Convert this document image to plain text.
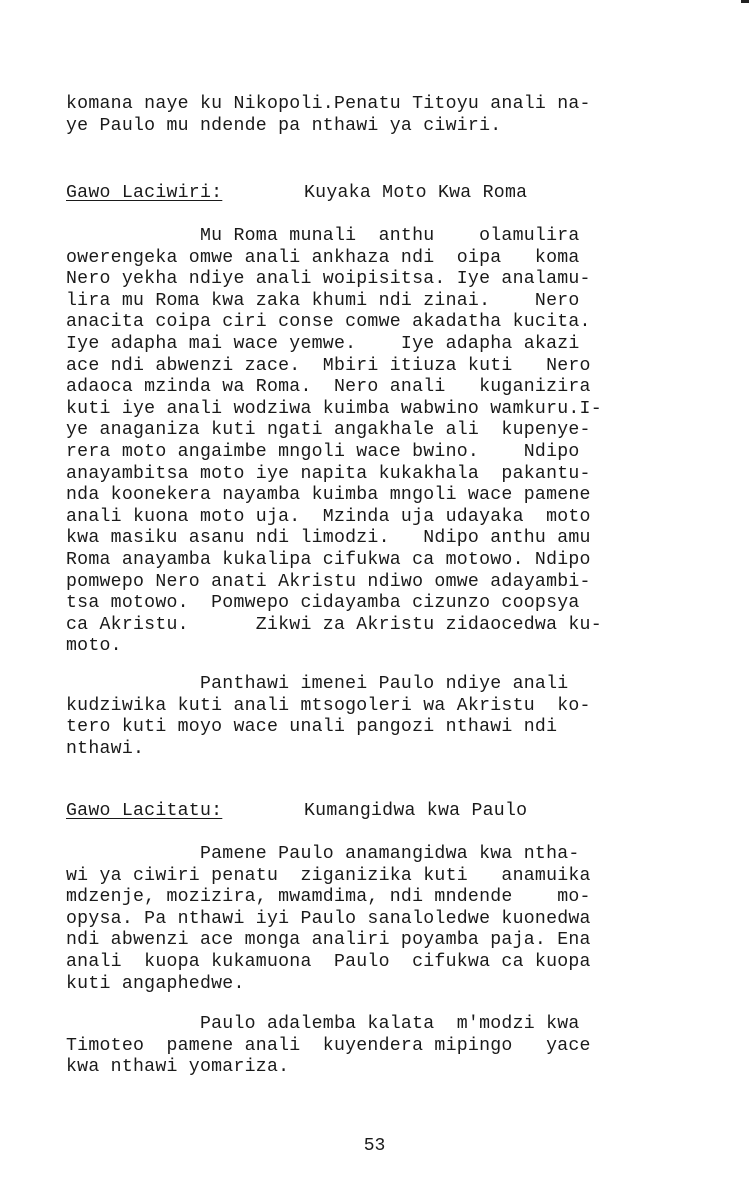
komana naye ku Nikopoli.Penatu Titoyu anali na-
ye Paulo mu ndende pa nthawi ya ciwiri.
Gawo Laciwiri:	Kuyaka Moto Kwa Roma
Mu Roma munali  anthu    olamulira
owerengeka omwe anali ankhaza ndi  oipa   koma
Nero yekha ndiye anali woipisitsa. Iye analamu-
lira mu Roma kwa zaka khumi ndi zinai.    Nero
anacita coipa ciri conse comwe akadatha kucita.
Iye adapha mai wace yemwe.    Iye adapha akazi
ace ndi abwenzi zace.  Mbiri itiuza kuti   Nero
adaoca mzinda wa Roma.  Nero anali   kuganizira
kuti iye anali wodziwa kuimba wabwino wamkuru.I-
ye anaganiza kuti ngati angakhale ali  kupenye-
rera moto angaimbe mngoli wace bwino.    Ndipo
anayambitsa moto iye napita kukakhala  pakantu-
nda koonekera nayamba kuimba mngoli wace pamene
anali kuona moto uja.  Mzinda uja udayaka  moto
kwa masiku asanu ndi limodzi.   Ndipo anthu amu
Roma anayamba kukalipa cifukwa ca motowo. Ndipo
pomwepo Nero anati Akristu ndiwo omwe adayambi-
tsa motowo.  Pomwepo cidayamba cizunzo coopsya
ca Akristu.      Zikwi za Akristu zidaocedwa ku-
moto.
Panthawi imenei Paulo ndiye anali
kudziwika kuti anali mtsogoleri wa Akristu  ko-
tero kuti moyo wace unali pangozi nthawi ndi
nthawi.
Gawo Lacitatu:	Kumangidwa kwa Paulo
Pamene Paulo anamangidwa kwa ntha-
wi ya ciwiri penatu  ziganizika kuti   anamuika
mdzenje, mozizira, mwamdima, ndi mndende    mo-
opysa. Pa nthawi iyi Paulo sanaloledwe kuonedwa
ndi abwenzi ace monga analiri poyamba paja. Ena
anali  kuopa kukamuona  Paulo  cifukwa ca kuopa
kuti angaphedwe.
Paulo adalemba kalata  m'modzi kwa
Timoteo  pamene anali  kuyendera mipingo   yace
kwa nthawi yomariza.
53
